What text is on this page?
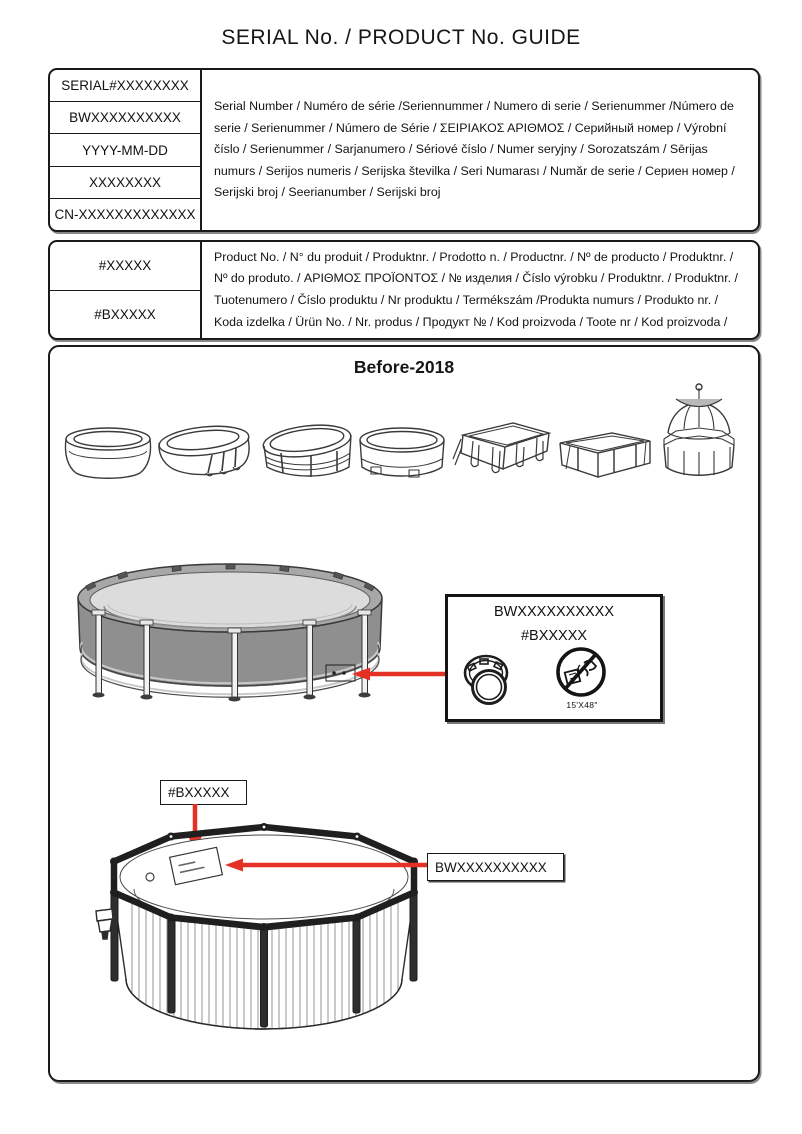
SERIAL No. / PRODUCT No. GUIDE
SERIAL#XXXXXXXX
BWXXXXXXXXXX
YYYY-MM-DD
XXXXXXXX
CN-XXXXXXXXXXXXX

Serial Number / Numéro de série /Seriennummer / Numero di serie / Serienummer /Número de serie / Serienummer / Número de Série / ΣΕΙΡΙΑΚΟΣ ΑΡΙΘΜΟΣ / Серийный номер / Výrobní číslo / Serienummer / Sarjanumero / Sériové číslo / Numer seryjny / Sorozatszám / Sērijas numurs / Serijos numeris / Serijska številka / Seri Numarası / Număr de serie / Сериен номер / Serijski broj / Seerianumber / Serijski broj

#XXXXX
#BXXXXX

Product No. / N° du produit / Produktnr. / Prodotto n. / Productnr. / Nº de producto / Produktnr. / Nº do produto. / ΑΡΙΘΜΟΣ ΠΡΟΪΟΝΤΟΣ / № изделия / Číslo výrobku / Produktnr. / Produktnr. / Tuotenumero / Číslo produktu / Nr produktu / Termékszám /Produkta numurs / Produkto nr. / Koda izdelka / Ürün No. / Nr. produs / Продукт № / Kod proizvoda / Toote nr / Kod proizvoda /

Before-2018
BWXXXXXXXXXX
#BXXXXX
15'X48"
#BXXXXX
BWXXXXXXXXXX
